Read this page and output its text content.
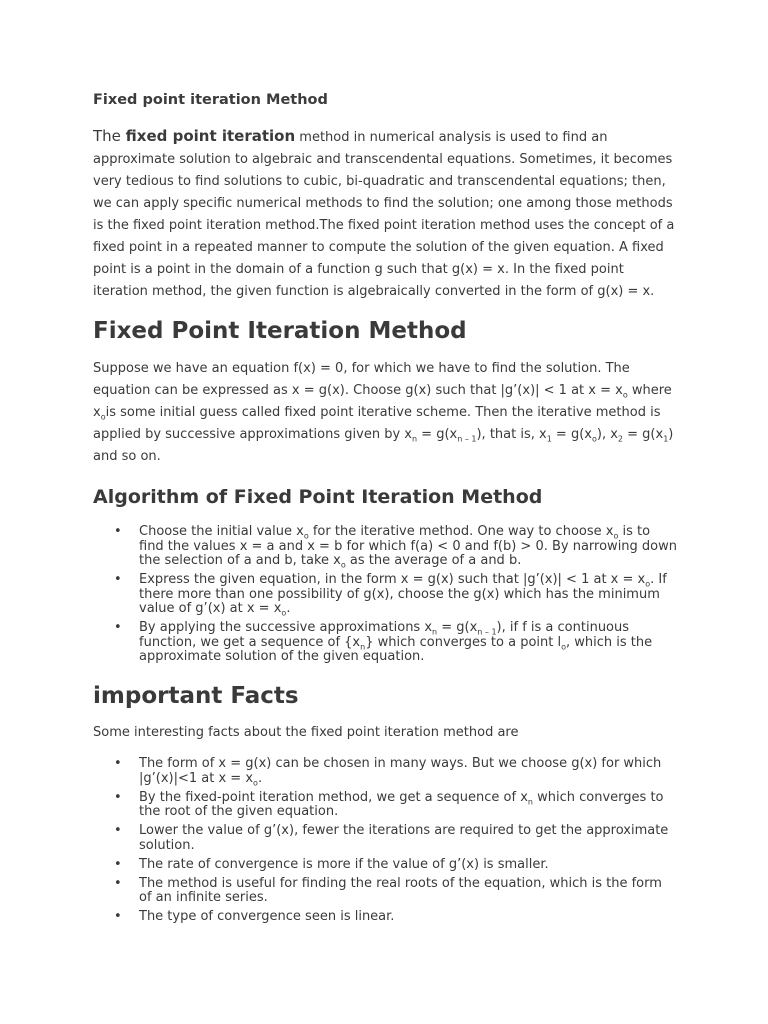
Fixed point iteration Method

The fixed point iteration method in numerical analysis is used to find an approximate solution to algebraic and transcendental equations. Sometimes, it becomes very tedious to find solutions to cubic, bi-quadratic and transcendental equations; then, we can apply specific numerical methods to find the solution; one among those methods is the fixed point iteration method.The fixed point iteration method uses the concept of a fixed point in a repeated manner to compute the solution of the given equation. A fixed point is a point in the domain of a function g such that g(x) = x. In the fixed point iteration method, the given function is algebraically converted in the form of g(x) = x.

Fixed Point Iteration Method

Suppose we have an equation f(x) = 0, for which we have to find the solution. The equation can be expressed as x = g(x). Choose g(x) such that |g’(x)| < 1 at $x = x_o$ where $x_ois$ some initial guess called fixed point iterative scheme. Then the iterative method is applied by successive approximations given by $x_n = g(x_{n - 1})$, that is, $x_1 = g(x_o)$, $x_2 = g(x_1)$ and so on.

Algorithm of Fixed Point Iteration Method
• Choose the initial value $x_o$ for the iterative method. One way to choose $x_o$ is to find the values x = a and x = b for which f(a) < 0 and f(b) > 0. By narrowing down the selection of a and b, take $x_o$ as the average of a and b.
• Express the given equation, in the form x = g(x) such that |g’(x)| < 1 at $x = x_o$. If there more than one possibility of g(x), choose the g(x) which has the minimum value of g’(x) at $x = x_o$.
• By applying the successive approximations $x_n = g(x_{n - 1})$, if f is a continuous function, we get a sequence of $\{x_n\}$ which converges to a point $l_o$, which is the approximate solution of the given equation.
important Facts

Some interesting facts about the fixed point iteration method are

• The form of x = g(x) can be chosen in many ways. But we choose g(x) for which |g’(x)|<1 at $x = x_o$.
• By the fixed-point iteration method, we get a sequence of $x_n$ which converges to the root of the given equation.
• Lower the value of g’(x), fewer the iterations are required to get the approximate solution.
• The rate of convergence is more if the value of g’(x) is smaller.
• The method is useful for finding the real roots of the equation, which is the form of an infinite series.
• The type of convergence seen is linear.
